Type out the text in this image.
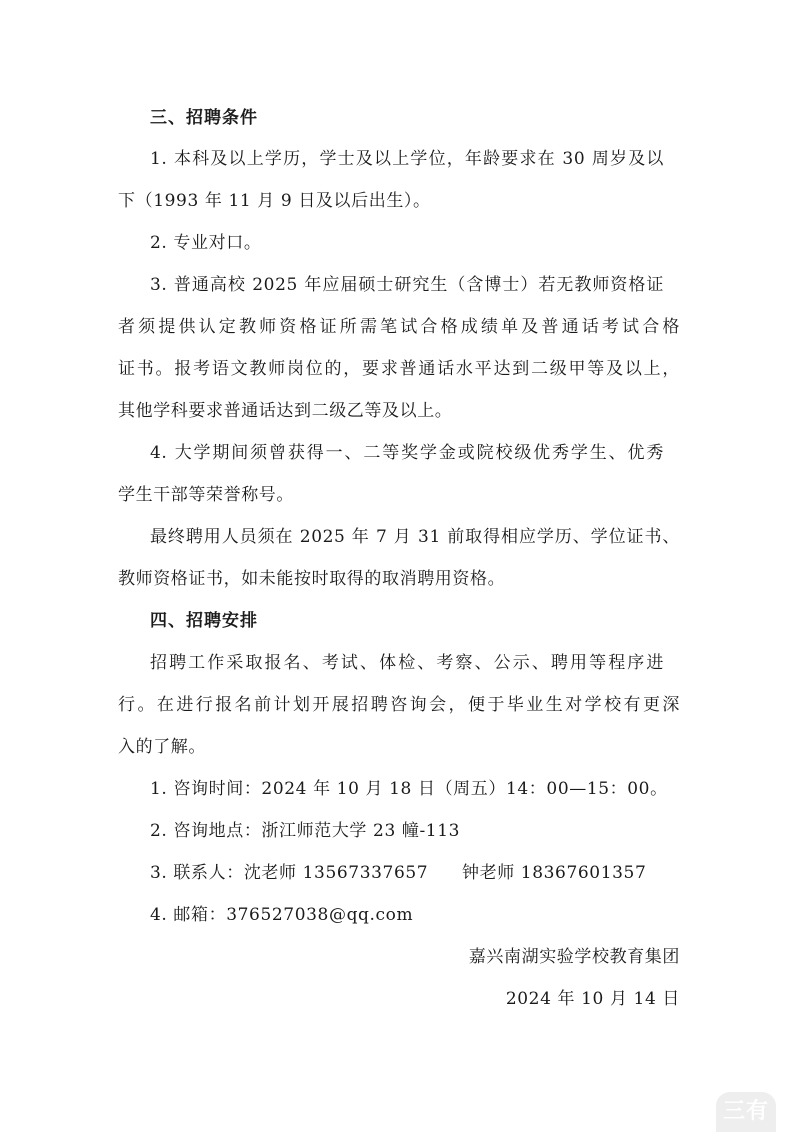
三、招聘条件
1. 本科及以上学历，学士及以上学位，年龄要求在 30 周岁及以
下（1993 年 11 月 9 日及以后出生）。
2. 专业对口。
3. 普通高校 2025 年应届硕士研究生（含博士）若无教师资格证
者须提供认定教师资格证所需笔试合格成绩单及普通话考试合格
证书。报考语文教师岗位的，要求普通话水平达到二级甲等及以上，
其他学科要求普通话达到二级乙等及以上。
4. 大学期间须曾获得一、二等奖学金或院校级优秀学生、优秀
学生干部等荣誉称号。
最终聘用人员须在 2025 年 7 月 31 前取得相应学历、学位证书、
教师资格证书，如未能按时取得的取消聘用资格。
四、招聘安排
招聘工作采取报名、考试、体检、考察、公示、聘用等程序进
行。在进行报名前计划开展招聘咨询会，便于毕业生对学校有更深
入的了解。
1. 咨询时间：2024 年 10 月 18 日（周五）14：00—15：00。
2. 咨询地点：浙江师范大学 23 幢-113
3. 联系人：沈老师 13567337657 钟老师 18367601357
4. 邮箱：376527038@qq.com
嘉兴南湖实验学校教育集团
2024 年 10 月 14 日
三有
